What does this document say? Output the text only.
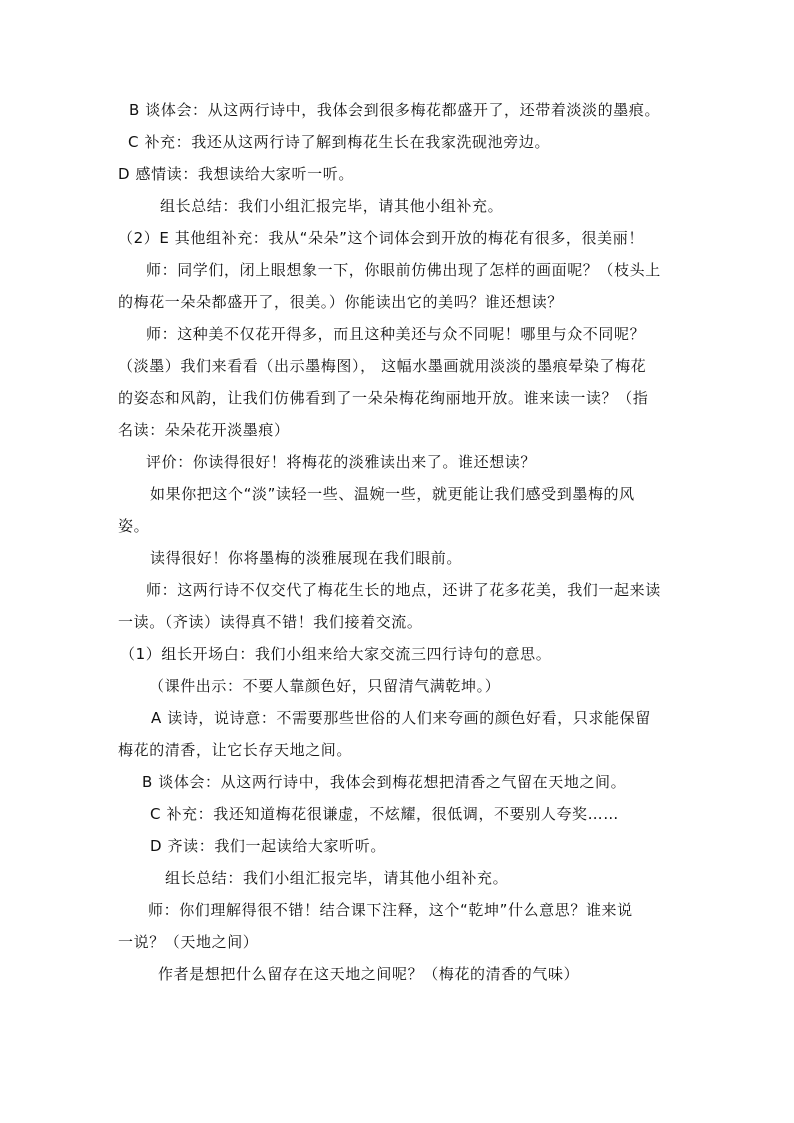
B 谈体会：从这两行诗中，我体会到很多梅花都盛开了，还带着淡淡的墨痕。
C 补充：我还从这两行诗了解到梅花生长在我家洗砚池旁边。
D 感情读：我想读给大家听一听。
组长总结：我们小组汇报完毕，请其他小组补充。
（2）E 其他组补充：我从“朵朵”这个词体会到开放的梅花有很多，很美丽！
师：同学们，闭上眼想象一下，你眼前仿佛出现了怎样的画面呢？（枝头上
的梅花一朵朵都盛开了，很美。）你能读出它的美吗？谁还想读？
师：这种美不仅花开得多，而且这种美还与众不同呢！哪里与众不同呢？
（淡墨）我们来看看（出示墨梅图）， 这幅水墨画就用淡淡的墨痕晕染了梅花
的姿态和风韵，让我们仿佛看到了一朵朵梅花绚丽地开放。谁来读一读？（指
名读：朵朵花开淡墨痕）
评价：你读得很好！将梅花的淡雅读出来了。谁还想读？
如果你把这个“淡”读轻一些、温婉一些，就更能让我们感受到墨梅的风
姿。
读得很好！你将墨梅的淡雅展现在我们眼前。
师：这两行诗不仅交代了梅花生长的地点，还讲了花多花美，我们一起来读
一读。（齐读）读得真不错！我们接着交流。
（1）组长开场白：我们小组来给大家交流三四行诗句的意思。
（课件出示：不要人靠颜色好，只留清气满乾坤。）
A 读诗，说诗意：不需要那些世俗的人们来夸画的颜色好看，只求能保留
梅花的清香，让它长存天地之间。
B 谈体会：从这两行诗中，我体会到梅花想把清香之气留在天地之间。
C 补充：我还知道梅花很谦虚，不炫耀，很低调，不要别人夸奖……
D 齐读：我们一起读给大家听听。
组长总结：我们小组汇报完毕，请其他小组补充。
师：你们理解得很不错！结合课下注释，这个“乾坤”什么意思？谁来说
一说？（天地之间）
作者是想把什么留存在这天地之间呢？（梅花的清香的气味）
